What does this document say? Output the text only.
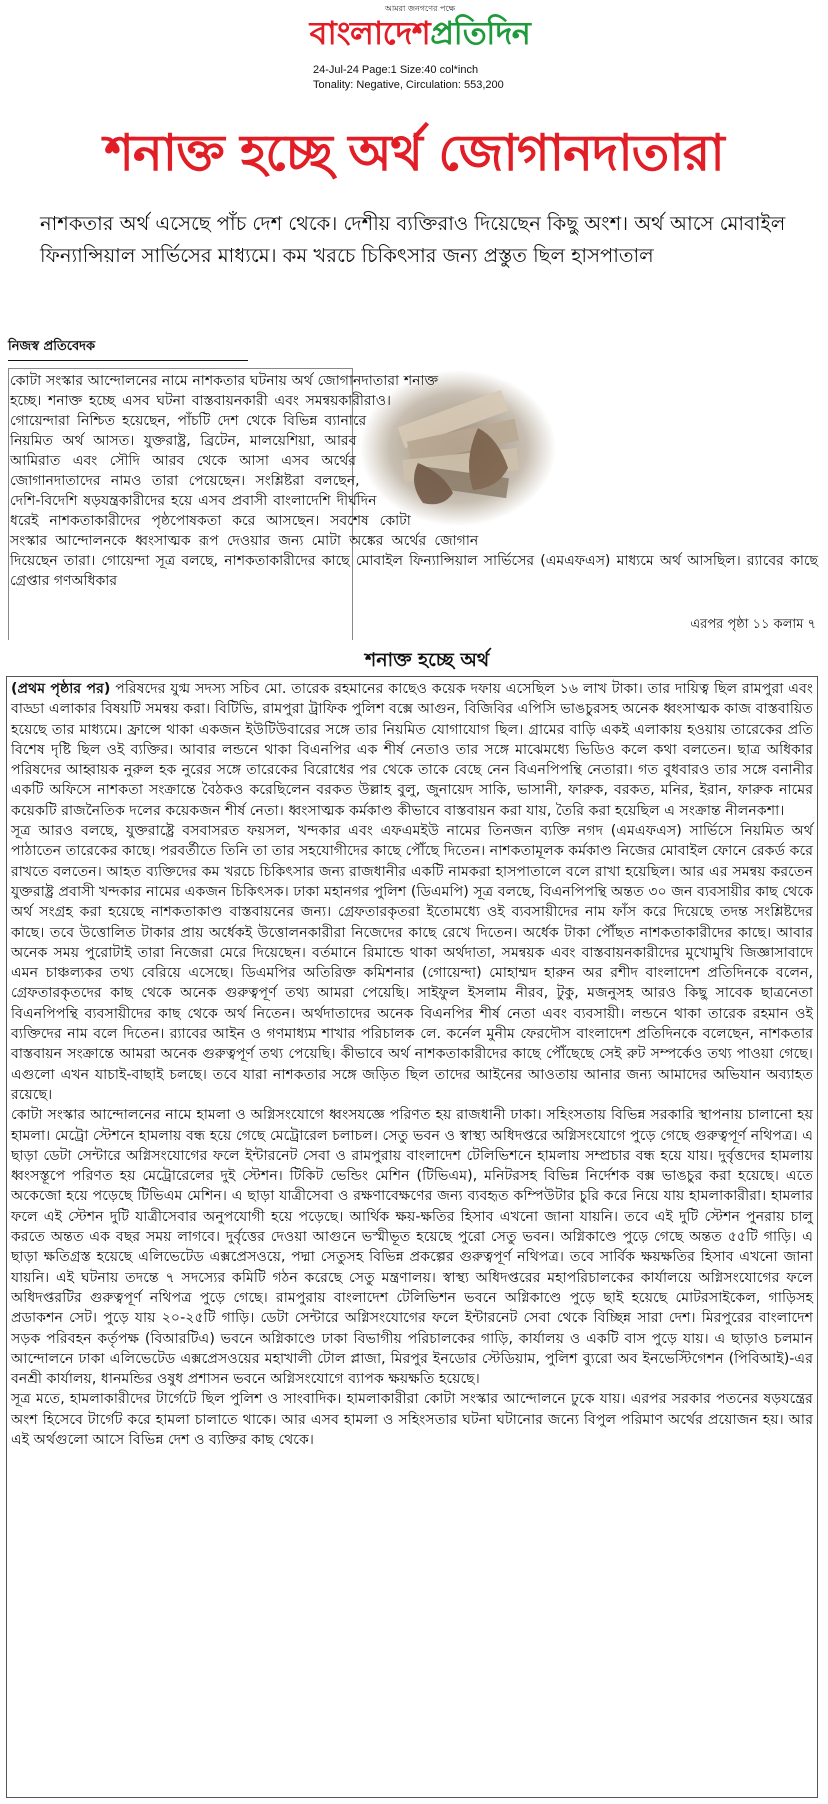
আমরা জনগণের পক্ষে
বাংলাদেশপ্রতিদিন
24-Jul-24 Page:1 Size:40 col*inch
Tonality: Negative, Circulation: 553,200
শনাক্ত হচ্ছে অর্থ জোগানদাতারা
নাশকতার অর্থ এসেছে পাঁচ দেশ থেকে। দেশীয় ব্যক্তিরাও দিয়েছেন কিছু অংশ। অর্থ আসে মোবাইল ফিন্যান্সিয়াল সার্ভিসের মাধ্যমে। কম খরচে চিকিৎসার জন্য প্রস্তুত ছিল হাসপাতাল
নিজস্ব প্রতিবেদক
কোটা সংস্কার আন্দোলনের নামে নাশকতার ঘটনায় অর্থ জোগানদাতারা শনাক্ত হচ্ছে। শনাক্ত হচ্ছে এসব ঘটনা বাস্তবায়নকারী এবং সমন্বয়কারীরাও। গোয়েন্দারা নিশ্চিত হয়েছেন, পাঁচটি দেশ থেকে বিভিন্ন ব্যানারে নিয়মিত অর্থ আসত। যুক্তরাষ্ট্র, ব্রিটেন, মালয়েশিয়া, আরব আমিরাত এবং সৌদি আরব থেকে আসা এসব অর্থের জোগানদাতাদের নামও তারা পেয়েছেন। সংশ্লিষ্টরা বলছেন, দেশি-বিদেশি ষড়যন্ত্রকারীদের হয়ে এসব প্রবাসী বাংলাদেশি দীর্ঘদিন ধরেই নাশকতাকারীদের পৃষ্ঠপোষকতা করে আসছেন। সবশেষ কোটা সংস্কার আন্দোলনকে ধ্বংসাত্মক রূপ দেওয়ার জন্য মোটা অঙ্কের অর্থের জোগান দিয়েছেন তারা। গোয়েন্দা সূত্র বলছে, নাশকতাকারীদের কাছে মোবাইল ফিন্যান্সিয়াল সার্ভিসের (এমএফএস) মাধ্যমে অর্থ আসছিল। র‍্যাবের কাছে গ্রেপ্তার গণঅধিকার
এরপর পৃষ্ঠা ১১ কলাম ৭
শনাক্ত হচ্ছে অর্থ

(প্রথম পৃষ্ঠার পর) পরিষদের যুগ্ম সদস্য সচিব মো. তারেক রহমানের কাছেও কয়েক দফায় এসেছিল ১৬ লাখ টাকা। তার দায়িত্ব ছিল রামপুরা এবং বাড্ডা এলাকার বিষয়টি সমন্বয় করা। বিটিভি, রামপুরা ট্রাফিক পুলিশ বক্সে আগুন, বিজিবির এপিসি ভাঙচুরসহ অনেক ধ্বংসাত্মক কাজ বাস্তবায়িত হয়েছে তার মাধ্যমে। ফ্রান্সে থাকা একজন ইউটিউবারের সঙ্গে তার নিয়মিত যোগাযোগ ছিল। গ্রামের বাড়ি একই এলাকায় হওয়ায় তারেকের প্রতি বিশেষ দৃষ্টি ছিল ওই ব্যক্তির। আবার লন্ডনে থাকা বিএনপির এক শীর্ষ নেতাও তার সঙ্গে মাঝেমধ্যে ভিডিও কলে কথা বলতেন। ছাত্র অধিকার পরিষদের আহ্বায়ক নুরুল হক নুরের সঙ্গে তারেকের বিরোধের পর থেকে তাকে বেছে নেন বিএনপিপন্থি নেতারা। গত বুধবারও তার সঙ্গে বনানীর একটি অফিসে নাশকতা সংক্রান্তে বৈঠকও করেছিলেন বরকত উল্লাহ বুলু, জুনায়েদ সাকি, ভাসানী, ফারুক, বরকত, মনির, ইরান, ফারুক নামের কয়েকটি রাজনৈতিক দলের কয়েকজন শীর্ষ নেতা। ধ্বংসাত্মক কর্মকাণ্ড কীভাবে বাস্তবায়ন করা যায়, তৈরি করা হয়েছিল এ সংক্রান্ত নীলনকশা।

সূত্র আরও বলছে, যুক্তরাষ্ট্রে বসবাসরত ফয়সল, খন্দকার এবং এফএমইউ নামের তিনজন ব্যক্তি নগদ (এমএফএস) সার্ভিসে নিয়মিত অর্থ পাঠাতেন তারেকের কাছে। পরবর্তীতে তিনি তা তার সহযোগীদের কাছে পৌঁছে দিতেন। নাশকতামূলক কর্মকাণ্ড নিজের মোবাইল ফোনে রেকর্ড করে রাখতে বলতেন। আহত ব্যক্তিদের কম খরচে চিকিৎসার জন্য রাজধানীর একটি নামকরা হাসপাতালে বলে রাখা হয়েছিল। আর এর সমন্বয় করতেন যুক্তরাষ্ট্র প্রবাসী খন্দকার নামের একজন চিকিৎসক। ঢাকা মহানগর পুলিশ (ডিএমপি) সূত্র বলছে, বিএনপিপন্থি অন্তত ৩০ জন ব্যবসায়ীর কাছ থেকে অর্থ সংগ্রহ করা হয়েছে নাশকতাকাণ্ড বাস্তবায়নের জন্য। গ্রেফতারকৃতরা ইতোমধ্যে ওই ব্যবসায়ীদের নাম ফাঁস করে দিয়েছে তদন্ত সংশ্লিষ্টদের কাছে। তবে উত্তোলিত টাকার প্রায় অর্ধেকই উত্তোলনকারীরা নিজেদের কাছে রেখে দিতেন। অর্ধেক টাকা পৌঁছত নাশকতাকারীদের কাছে। আবার অনেক সময় পুরোটাই তারা নিজেরা মেরে দিয়েছেন। বর্তমানে রিমান্ডে থাকা অর্থদাতা, সমন্বয়ক এবং বাস্তবায়নকারীদের মুখোমুখি জিজ্ঞাসাবাদে এমন চাঞ্চল্যকর তথ্য বেরিয়ে এসেছে। ডিএমপির অতিরিক্ত কমিশনার (গোয়েন্দা) মোহাম্মদ হারুন অর রশীদ বাংলাদেশ প্রতিদিনকে বলেন, গ্রেফতারকৃতদের কাছ থেকে অনেক গুরুত্বপূর্ণ তথ্য আমরা পেয়েছি। সাইফুল ইসলাম নীরব, টুকু, মজনুসহ আরও কিছু সাবেক ছাত্রনেতা বিএনপিপন্থি ব্যবসায়ীদের কাছ থেকে অর্থ নিতেন। অর্থদাতাদের অনেক বিএনপির শীর্ষ নেতা এবং ব্যবসায়ী। লন্ডনে থাকা তারেক রহমান ওই ব্যক্তিদের নাম বলে দিতেন। র‍্যাবের আইন ও গণমাধ্যম শাখার পরিচালক লে. কর্নেল মুনীম ফেরদৌস বাংলাদেশ প্রতিদিনকে বলেছেন, নাশকতার বাস্তবায়ন সংক্রান্তে আমরা অনেক গুরুত্বপূর্ণ তথ্য পেয়েছি। কীভাবে অর্থ নাশকতাকারীদের কাছে পৌঁছেছে সেই রুট সম্পর্কেও তথ্য পাওয়া গেছে। এগুলো এখন যাচাই-বাছাই চলছে। তবে যারা নাশকতার সঙ্গে জড়িত ছিল তাদের আইনের আওতায় আনার জন্য আমাদের অভিযান অব্যাহত রয়েছে।

কোটা সংস্কার আন্দোলনের নামে হামলা ও অগ্নিসংযোগে ধ্বংসযজ্ঞে পরিণত হয় রাজধানী ঢাকা। সহিংসতায় বিভিন্ন সরকারি স্থাপনায় চালানো হয় হামলা। মেট্রো স্টেশনে হামলায় বন্ধ হয়ে গেছে মেট্রোরেল চলাচল। সেতু ভবন ও স্বাস্থ্য অধিদপ্তরে অগ্নিসংযোগে পুড়ে গেছে গুরুত্বপূর্ণ নথিপত্র। এ ছাড়া ডেটা সেন্টারে অগ্নিসংযোগের ফলে ইন্টারনেট সেবা ও রামপুরায় বাংলাদেশ টেলিভিশনে হামলায় সম্প্রচার বন্ধ হয়ে যায়। দুর্বৃত্তদের হামলায় ধ্বংসস্তূপে পরিণত হয় মেট্রোরেলের দুই স্টেশন। টিকিট ভেন্ডিং মেশিন (টিভিএম), মনিটরসহ বিভিন্ন নির্দেশক বক্স ভাঙচুর করা হয়েছে। এতে অকেজো হয়ে পড়েছে টিভিএম মেশিন। এ ছাড়া যাত্রীসেবা ও রক্ষণাবেক্ষণের জন্য ব্যবহৃত কম্পিউটার চুরি করে নিয়ে যায় হামলাকারীরা। হামলার ফলে এই স্টেশন দুটি যাত্রীসেবার অনুপযোগী হয়ে পড়েছে। আর্থিক ক্ষয়-ক্ষতির হিসাব এখনো জানা যায়নি। তবে এই দুটি স্টেশন পুনরায় চালু করতে অন্তত এক বছর সময় লাগবে। দুর্বৃত্তের দেওয়া আগুনে ভস্মীভূত হয়েছে পুরো সেতু ভবন। অগ্নিকাণ্ডে পুড়ে গেছে অন্তত ৫৫টি গাড়ি। এ ছাড়া ক্ষতিগ্রস্ত হয়েছে এলিভেটেড এক্সপ্রেসওয়ে, পদ্মা সেতুসহ বিভিন্ন প্রকল্পের গুরুত্বপূর্ণ নথিপত্র। তবে সার্বিক ক্ষয়ক্ষতির হিসাব এখনো জানা যায়নি। এই ঘটনায় তদন্তে ৭ সদস্যের কমিটি গঠন করেছে সেতু মন্ত্রণালয়। স্বাস্থ্য অধিদপ্তরের মহাপরিচালকের কার্যালয়ে অগ্নিসংযোগের ফলে অধিদপ্তরটির গুরুত্বপূর্ণ নথিপত্র পুড়ে গেছে। রামপুরায় বাংলাদেশ টেলিভিশন ভবনে অগ্নিকাণ্ডে পুড়ে ছাই হয়েছে মোটরসাইকেল, গাড়িসহ প্রডাকশন সেট। পুড়ে যায় ২০-২৫টি গাড়ি। ডেটা সেন্টারে অগ্নিসংযোগের ফলে ইন্টারনেট সেবা থেকে বিচ্ছিন্ন সারা দেশ। মিরপুরের বাংলাদেশ সড়ক পরিবহন কর্তৃপক্ষ (বিআরটিএ) ভবনে অগ্নিকাণ্ডে ঢাকা বিভাগীয় পরিচালকের গাড়ি, কার্যালয় ও একটি বাস পুড়ে যায়। এ ছাড়াও চলমান আন্দোলনে ঢাকা এলিভেটেড এক্সপ্রেসওয়ের মহাখালী টোল প্লাজা, মিরপুর ইনডোর স্টেডিয়াম, পুলিশ ব্যুরো অব ইনভেস্টিগেশন (পিবিআই)-এর বনশ্রী কার্যালয়, ধানমন্ডির ওষুধ প্রশাসন ভবনে অগ্নিসংযোগে ব্যাপক ক্ষয়ক্ষতি হয়েছে।

সূত্র মতে, হামলাকারীদের টার্গেটে ছিল পুলিশ ও সাংবাদিক। হামলাকারীরা কোটা সংস্কার আন্দোলনে ঢুকে যায়। এরপর সরকার পতনের ষড়যন্ত্রের অংশ হিসেবে টার্গেট করে হামলা চালাতে থাকে। আর এসব হামলা ও সহিংসতার ঘটনা ঘটানোর জন্যে বিপুল পরিমাণ অর্থের প্রয়োজন হয়। আর এই অর্থগুলো আসে বিভিন্ন দেশ ও ব্যক্তির কাছ থেকে।
